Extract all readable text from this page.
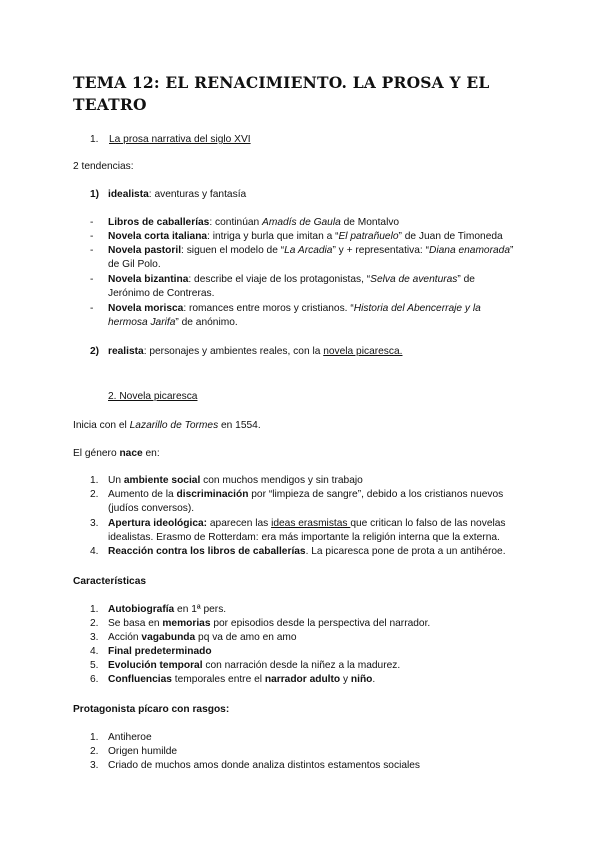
TEMA 12: EL RENACIMIENTO. LA PROSA Y EL TEATRO
1. La prosa narrativa del siglo XVI
2 tendencias:
1) idealista: aventuras y fantasía
- Libros de caballerías: continúan Amadís de Gaula de Montalvo
- Novela corta italiana: intriga y burla que imitan a “El patrañuelo” de Juan de Timoneda
- Novela pastoril: siguen el modelo de “La Arcadia” y + representativa: “Diana enamorada” de Gil Polo.
- Novela bizantina: describe el viaje de los protagonistas, “Selva de aventuras” de Jerónimo de Contreras.
- Novela morisca: romances entre moros y cristianos. “Historia del Abencerraje y la hermosa Jarifa” de anónimo.
2) realista: personajes y ambientes reales, con la novela picaresca.
2. Novela picaresca
Inicia con el Lazarillo de Tormes en 1554.
El género nace en:
1. Un ambiente social con muchos mendigos y sin trabajo
2. Aumento de la discriminación por “limpieza de sangre”, debido a los cristianos nuevos (judíos conversos).
3. Apertura ideológica: aparecen las ideas erasmistas que critican lo falso de las novelas idealistas. Erasmo de Rotterdam: era más importante la religión interna que la externa.
4. Reacción contra los libros de caballerías. La picaresca pone de prota a un antihéroe.
Características
1. Autobiografía en 1ª pers.
2. Se basa en memorias por episodios desde la perspectiva del narrador.
3. Acción vagabunda pq va de amo en amo
4. Final predeterminado
5. Evolución temporal con narración desde la niñez a la madurez.
6. Confluencias temporales entre el narrador adulto y niño.
Protagonista pícaro con rasgos:
1. Antiheroe
2. Origen humilde
3. Criado de muchos amos donde analiza distintos estamentos sociales
